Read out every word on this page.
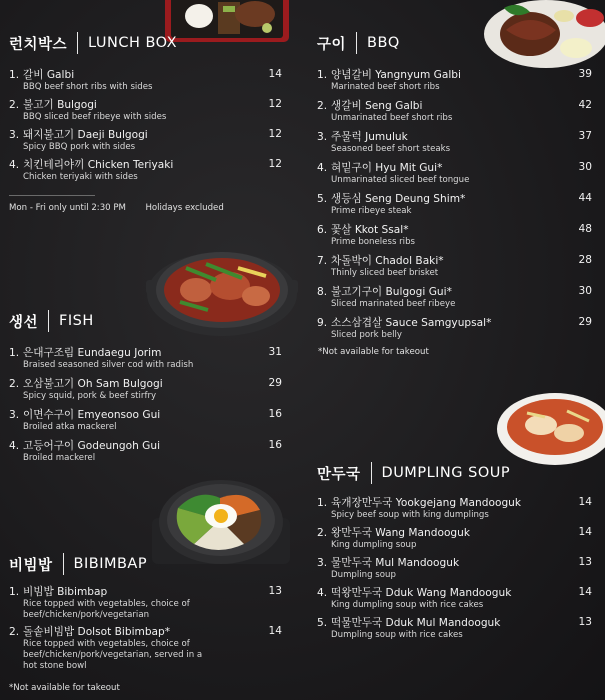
런치박스 LUNCH BOX
1. 갈비 Galbi	14
BBQ beef short ribs with sides
2. 불고기 Bulgogi	12
BBQ sliced beef ribeye with sides
3. 돼지불고기 Daeji Bulgogi	12
Spicy BBQ pork with sides
4. 치킨테리야끼 Chicken Teriyaki	12
Chicken teriyaki with sides
Mon - Fri only until 2:30 PM Holidays excluded
구이 BBQ
1. 양념갈비 Yangnyum Galbi	39
Marinated beef short ribs
2. 생갈비 Seng Galbi	42
Unmarinated beef short ribs
3. 주물럭 Jumuluk	37
Seasoned beef short steaks
4. 혀밑구이 Hyu Mit Gui*	30
Unmarinated sliced beef tongue
5. 생등심 Seng Deung Shim*	44
Prime ribeye steak
6. 꽃살 Kkot Ssal*	48
Prime boneless ribs
7. 차돌박이 Chadol Baki*	28
Thinly sliced beef brisket
8. 불고기구이 Bulgogi Gui*	30
Sliced marinated beef ribeye
9. 소스삼겹살 Sauce Samgyupsal*	29
Sliced pork belly
*Not available for takeout
생선 FISH
1. 은대구조림 Eundaegu Jorim	31
Braised seasoned silver cod with radish
2. 오삼불고기 Oh Sam Bulgogi	29
Spicy squid, pork & beef stirfry
3. 이면수구이 Emyeonsoo Gui	16
Broiled atka mackerel
4. 고등어구이 Godeungoh Gui	16
Broiled mackerel
만두국 DUMPLING SOUP
1. 육개장만두국 Yookgejang Mandooguk	14
Spicy beef soup with king dumplings
2. 왕만두국 Wang Mandooguk	14
King dumpling soup
3. 물만두국 Mul Mandooguk	13
Dumpling soup
4. 떡왕만두국 Dduk Wang Mandooguk	14
King dumpling soup with rice cakes
5. 떡물만두국 Dduk Mul Mandooguk	13
Dumpling soup with rice cakes
비빔밥 BIBIMBAP
1. 비빔밥 Bibimbap	13
Rice topped with vegetables, choice of beef/chicken/pork/vegetarian
2. 돌솥비빔밥 Dolsot Bibimbap*	14
Rice topped with vegetables, choice of beef/chicken/pork/vegetarian, served in a hot stone bowl
*Not available for takeout
